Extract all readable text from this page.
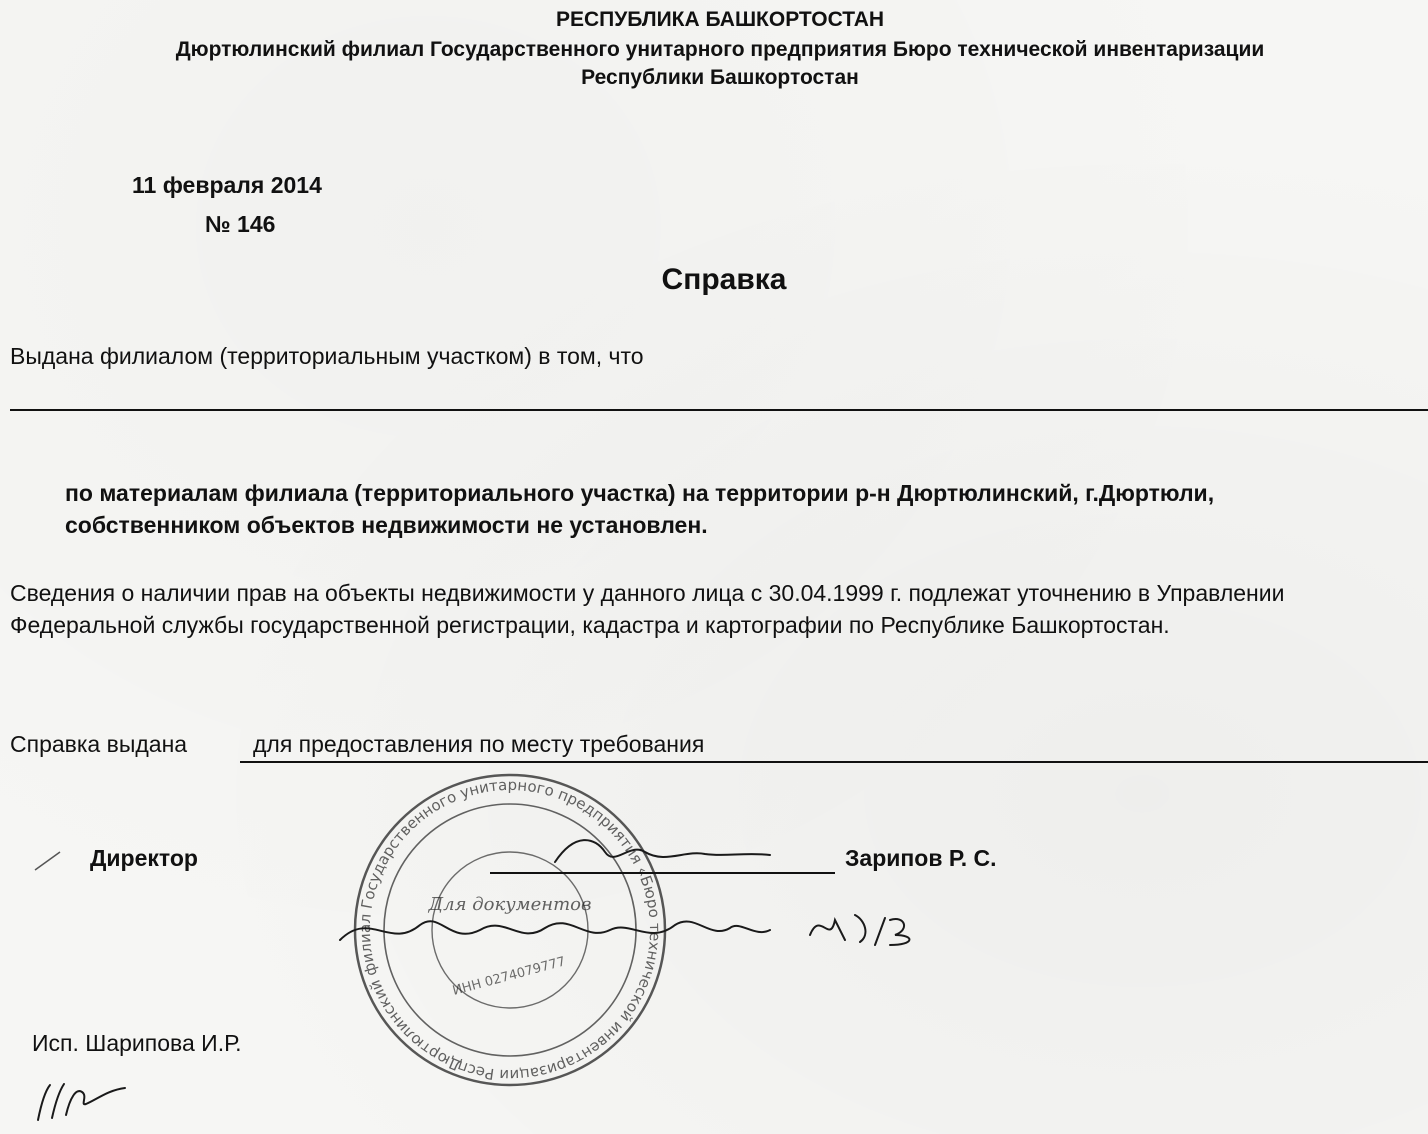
РЕСПУБЛИКА БАШКОРТОСТАН
Дюртюлинский филиал Государственного унитарного предприятия Бюро технической инвентаризации
Республики Башкортостан
11 февраля 2014
№ 146
Справка
Выдана филиалом (территориальным участком) в том, что
по материалам филиала (территориального участка) на территории р-н Дюртюлинский, г.Дюртюли, собственником объектов недвижимости не установлен.
Сведения о наличии прав на объекты недвижимости у данного лица с 30.04.1999 г. подлежат уточнению в Управлении Федеральной службы государственной регистрации, кадастра и картографии по Республике Башкортостан.
Справка выдана	для предоставления по месту требования
Дюртюлинский филиал Государственного унитарного предприятия «Бюро технической инвентаризации Республики
Для документов
ИНН 0274079777
Директор	Зарипов Р. С.
Исп. Шарипова И.Р.
